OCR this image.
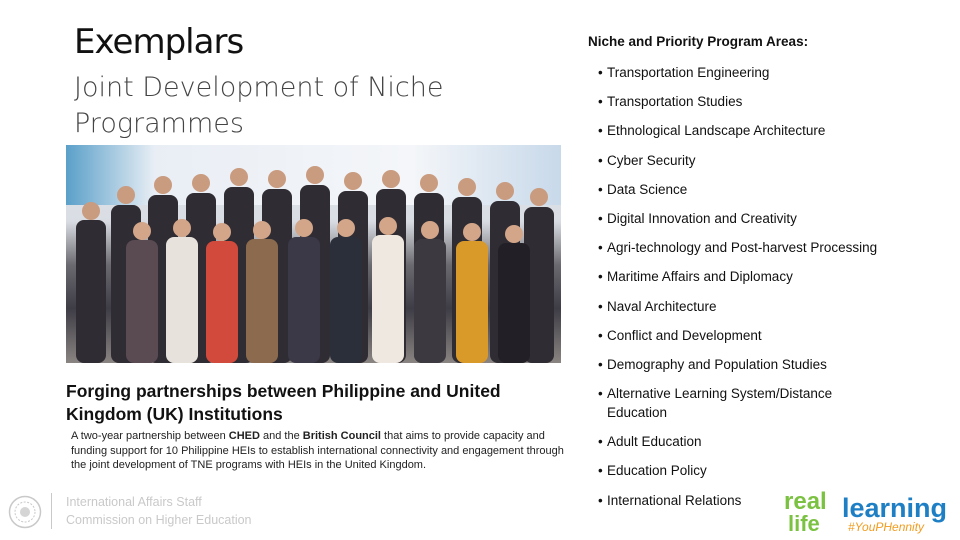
Exemplars
Joint Development of Niche Programmes
Forging partnerships between Philippine and United Kingdom (UK) Institutions
A two-year partnership between CHED and the British Council that aims to provide capacity and funding support for 10 Philippine HEIs to establish international connectivity and engagement through the joint development of TNE programs with HEIs in the United Kingdom.
International Affairs Staff
Commission on Higher Education
Niche and Priority Program Areas:
• Transportation Engineering
• Transportation Studies
• Ethnological Landscape Architecture
• Cyber Security
• Data Science
• Digital Innovation and Creativity
• Agri-technology and Post-harvest Processing
• Maritime Affairs and Diplomacy
• Naval Architecture
• Conflict and Development
• Demography and Population Studies
• Alternative Learning System/Distance Education
• Adult Education
• Education Policy
• International Relations	real
life
learning
#YouPHennity
